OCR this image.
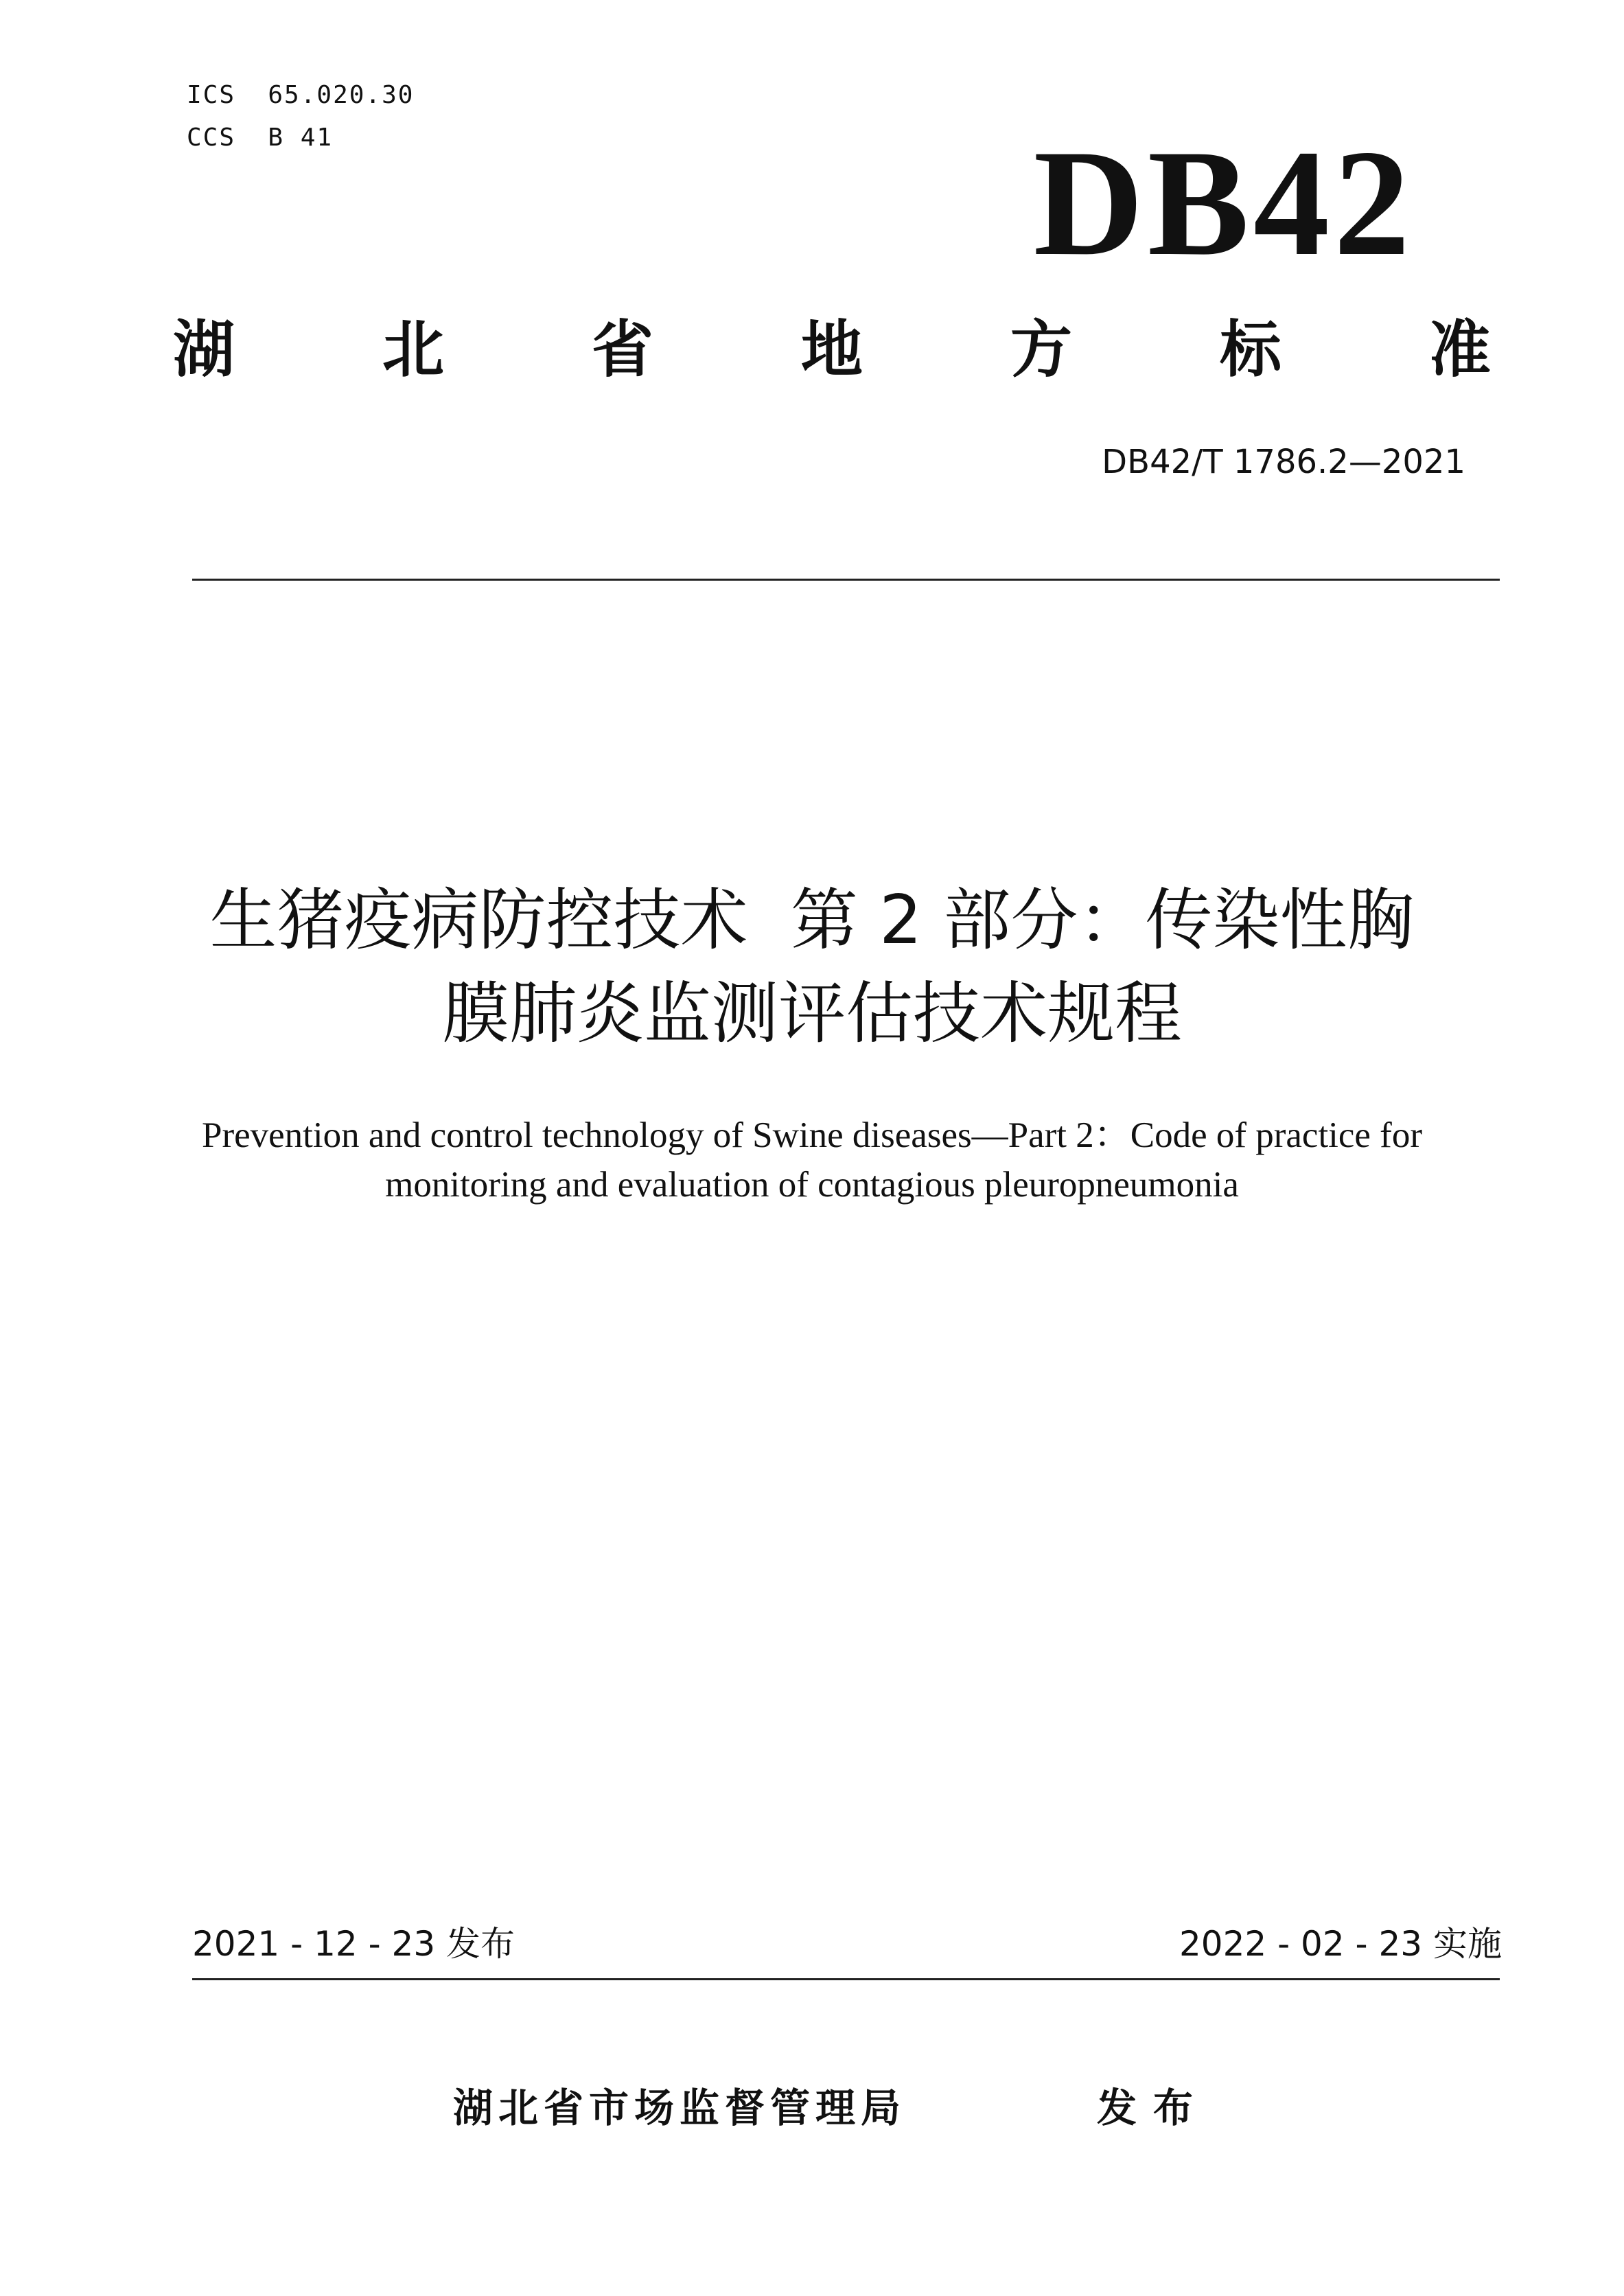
ICS  65.020.30
CCS  B 41	DB42
湖 北 省 地 方 标 准
DB42/T 1786.2—2021
生猪疫病防控技术  第 2 部分：传染性胸
膜肺炎监测评估技术规程
Prevention and control technology of Swine diseases—Part 2：Code of practice for
monitoring and evaluation of contagious pleuropneumonia
2021 - 12 - 23 发布	2022 - 02 - 23 实施
湖北省市场监督管理局	发布
